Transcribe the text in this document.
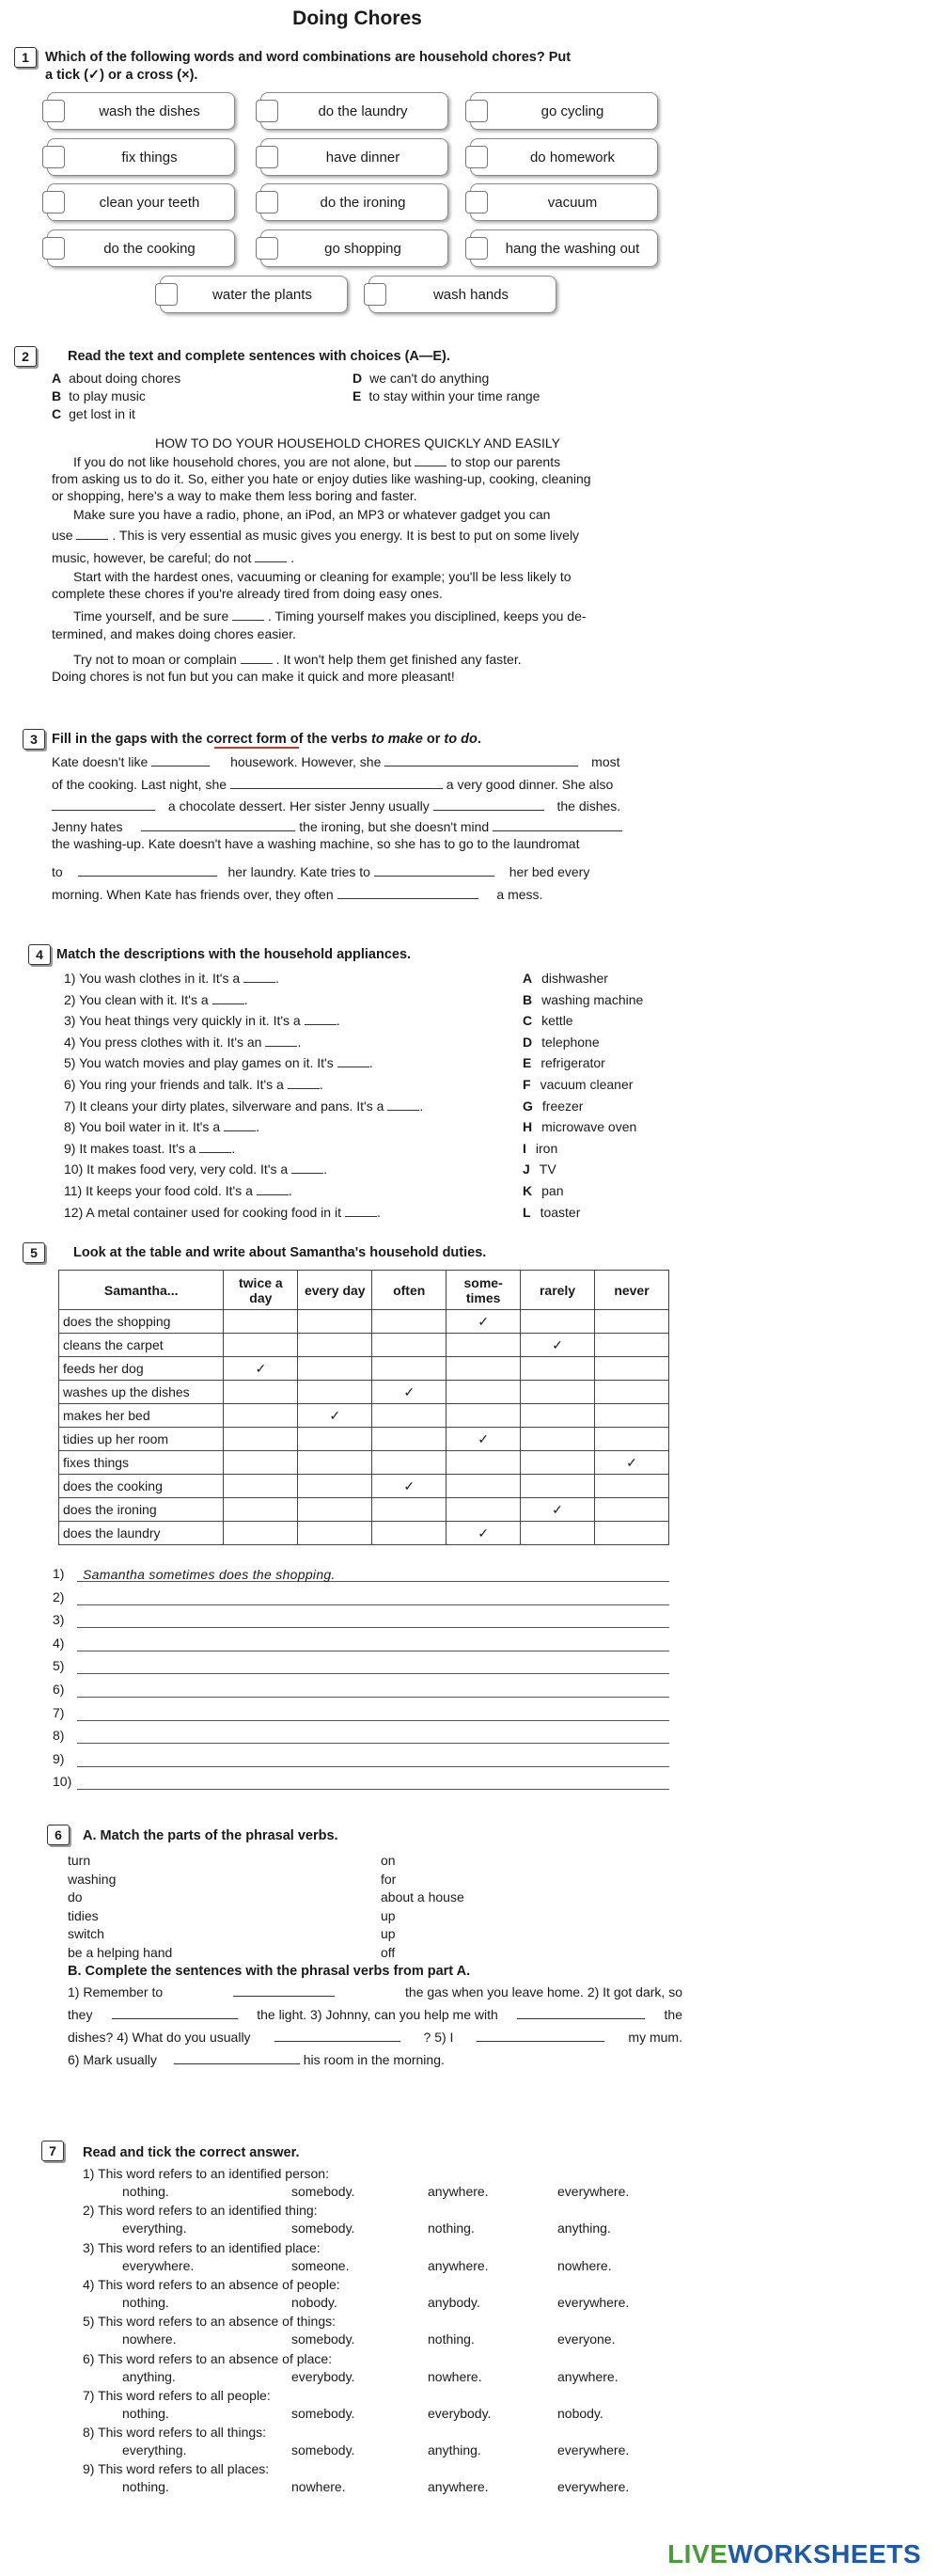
Doing Chores
1	Which of the following words and word combinations are household chores? Put
a tick (✓) or a cross (×).
wash the dishes	do the laundry	go cycling
fix things	have dinner	do homework
clean your teeth	do the ironing	vacuum
do the cooking	go shopping	hang the washing out
water the plants	wash hands
2	Read the text and complete sentences with choices (A—E).
A about doing chores
B to play music
C get lost in it
D we can't do anything
E to stay within your time range
HOW TO DO YOUR HOUSEHOLD CHORES QUICKLY AND EASILY
If you do not like household chores, you are not alone, but	to stop our parents
from asking us to do it. So, either you hate or enjoy duties like washing-up, cooking, cleaning
or shopping, here's a way to make them less boring and faster.
Make sure you have a radio, phone, an iPod, an MP3 or whatever gadget you can
use	. This is very essential as music gives you energy. It is best to put on some lively
music, however, be careful; do not	.
Start with the hardest ones, vacuuming or cleaning for example; you'll be less likely to
complete these chores if you're already tired from doing easy ones.
Time yourself, and be sure	. Timing yourself makes you disciplined, keeps you de-
termined, and makes doing chores easier.
Try not to moan or complain	. It won't help them get finished any faster.
Doing chores is not fun but you can make it quick and more pleasant!
3	Fill in the gaps with the correct form of the verbs to make or to do.
Kate doesn't like	housework. However, she	most
of the cooking. Last night, she	a very good dinner. She also
a chocolate dessert. Her sister Jenny usually	the dishes.
Jenny hates	the ironing, but she doesn't mind
the washing-up. Kate doesn't have a washing machine, so she has to go to the laundromat
to	her laundry. Kate tries to	her bed every
morning. When Kate has friends over, they often	a mess.
4 Match the descriptions with the household appliances.
1) You wash clothes in it. It's a	.
2) You clean with it. It's a	.
3) You heat things very quickly in it. It's a	.
4) You press clothes with it. It's an	.
5) You watch movies and play games on it. It's	.
6) You ring your friends and talk. It's a	.
7) It cleans your dirty plates, silverware and pans. It's a	.
8) You boil water in it. It's a	.
9) It makes toast. It's a	.
10) It makes food very, very cold. It's a	.
11) It keeps your food cold. It's a	.
12) A metal container used for cooking food in it	.
A dishwasher
B washing machine
C kettle
D telephone
E refrigerator
F vacuum cleaner
G freezer
H microwave oven
I iron
J TV
K pan
L toaster
5	Look at the table and write about Samantha's household duties.
Samantha...	twice a day	every day	often	some-times	rarely	never
does the shopping				✓		
cleans the carpet					✓	
feeds her dog	✓					
washes up the dishes			✓			
makes her bed		✓				
tidies up her room				✓		
fixes things						✓
does the cooking			✓			
does the ironing					✓	
does the laundry				✓		
1)	Samantha sometimes does the shopping.
2)
3)
4)
5)
6)
7)
8)
9)
10)
6	A. Match the parts of the phrasal verbs.
turn	on
washing	for
do	about a house
tidies	up
switch	up
be a helping hand	off
B. Complete the sentences with the phrasal verbs from part A.
1) Remember to	the gas when you leave home. 2) It got dark, so
they	the light. 3) Johnny, can you help me with	the
dishes? 4) What do you usually	? 5) I	my mum.
6) Mark usually	his room in the morning.
7	Read and tick the correct answer.
1) This word refers to an identified person:
nothing.	somebody.	anywhere.	everywhere.
2) This word refers to an identified thing:
everything.	somebody.	nothing.	anything.
3) This word refers to an identified place:
everywhere.	someone.	anywhere.	nowhere.
4) This word refers to an absence of people:
nothing.	nobody.	anybody.	everywhere.
5) This word refers to an absence of things:
nowhere.	somebody.	nothing.	everyone.
6) This word refers to an absence of place:
anything.	everybody.	nowhere.	anywhere.
7) This word refers to all people:
nothing.	somebody.	everybody.	nobody.
8) This word refers to all things:
everything.	somebody.	anything.	everywhere.
9) This word refers to all places:
nothing.	nowhere.	anywhere.	everywhere.
LIVEWORKSHEETS
